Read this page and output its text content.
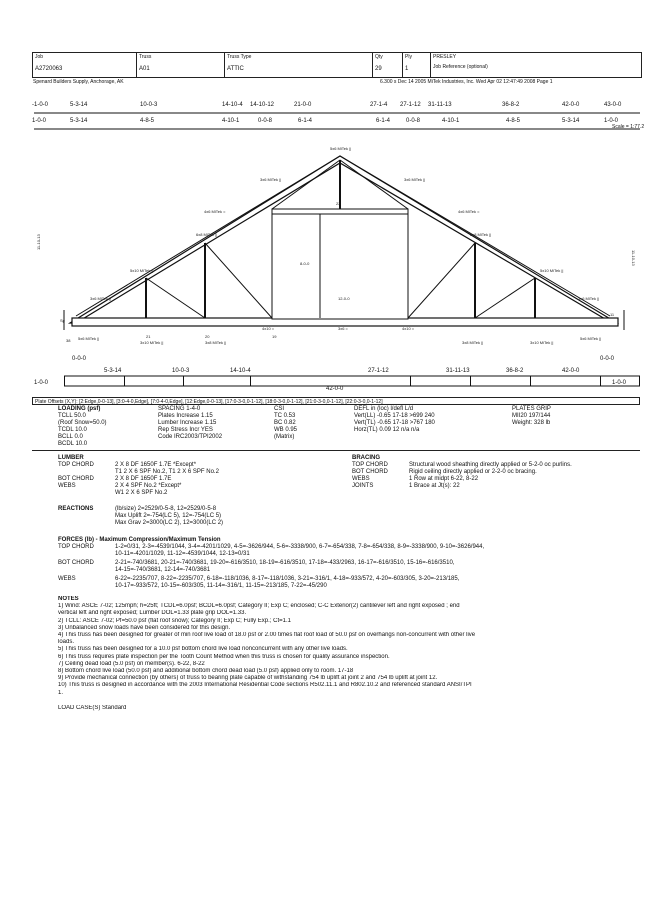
Job
A2720063
Truss
A01
Truss Type
ATTIC
Qty
29
Ply
1
PRESLEY
Job Reference (optional)
Spenard Builders Supply, Anchorage, AK	6.300 s Dec 14 2005 MiTek Industries, Inc. Wed Apr 02 12:47:49 2008 Page 1
-1-0-0	5-3-14	10-0-3	14-10-4 14-10-12	21-0-0	27-1-4 27-1-12 31-11-13	36-8-2	42-0-0	43-0-0
1-0-0	5-3-14	4-8-5	4-10-1	0-0-8	6-1-4	6-1-4	0-0-8	4-10-1	4-8-5	5-3-14	1-0-0
Scale = 1:77.2
5x6 MiTek ||
3x6 MiTek ||	3x6 MiTek ||
4x6 MiTek =	4x6 MiTek =
6x8 MiTek ||	6x8 MiTek ||
5x10 MiTek ||	5x10 MiTek ||
3x6 MiTek ||	3x6 MiTek ||
5x6 MiTek ||	5x6 MiTek ||
3x10 MiTek ||	3x8 MiTek ||	3x8 MiTek ||	3x10 MiTek ||
4x10 =	4x10 =
3x6 =
12-0-0
8-0-0
11-10-13
11-10-13
38
11
22
21	20	19
Sp
0-0-0	0-0-0
5-3-14	10-0-3	14-10-4	27-1-12	31-11-13	36-8-2	42-0-0
1-0-0	1-0-0
42-0-0
Plate Offsets (X,Y): [2:Edge,0-0-13], [3:0-4-0,Edge], [7:0-4-0,Edge], [12:Edge,0-0-13], [17:0-3-0,0-1-12], [18:0-3-0,0-1-12], [21:0-3-0,0-1-12], [22:0-3-0,0-1-12]
LOADING (psf)
TCLL 50.0
(Roof Snow=50.0)
TCDL 10.0
BCLL 0.0
BCDL 10.0
SPACING 1-4-0
Plates Increase 1.15
Lumber Increase 1.15
Rep Stress Incr YES
Code IRC2003/TPI2002
CSI
TC 0.53
BC 0.82
WB 0.95
(Matrix)
DEFL in (loc) l/defl L/d
Vert(LL) -0.65 17-18 >699 240
Vert(TL) -0.65 17-18 >767 180
Horz(TL) 0.09 12 n/a n/a
PLATES GRIP
MII20 197/144
Weight: 328 lb
LUMBER
TOP CHORD	2 X 8 DF 1650F 1.7E *Except*
T1 2 X 6 SPF No.2, T1 2 X 6 SPF No.2
BOT CHORD	2 X 8 DF 1650F 1.7E
WEBS	2 X 4 SPF No.2 *Except*
W1 2 X 6 SPF No.2
BRACING
TOP CHORD	Structural wood sheathing directly applied or 5-2-0 oc purlins.
BOT CHORD	Rigid ceiling directly applied or 2-2-0 oc bracing.
WEBS	1 Row at midpt 6-22, 8-22
JOINTS	1 Brace at Jt(s): 22
REACTIONS	(lb/size) 2=2529/0-5-8, 12=2529/0-5-8
Max Uplift 2=-754(LC 5), 12=-754(LC 5)
Max Grav 2=3000(LC 2), 12=3000(LC 2)
FORCES (lb) - Maximum Compression/Maximum Tension
TOP CHORD	1-2=0/31, 2-3=-4539/1044, 3-4=-4201/1029, 4-5=-3626/944, 5-6=-3338/900, 6-7=-654/338, 7-8=-654/338, 8-9=-3338/900, 9-10=-3626/944,
10-11=-4201/1029, 11-12=-4539/1044, 12-13=0/31
BOT CHORD	2-21=-740/3681, 20-21=-740/3681, 19-20=-616/3510, 18-19=-616/3510, 17-18=-433/2963, 16-17=-616/3510, 15-16=-616/3510,
14-15=-740/3681, 12-14=-740/3681
WEBS	6-22=-2235/707, 8-22=-2235/707, 6-18=-118/1036, 8-17=-118/1036, 3-21=-316/1, 4-18=-933/572, 4-20=-603/305, 3-20=-213/185,
10-17=-933/572, 10-15=-603/305, 11-14=-316/1, 11-15=-213/185, 7-22=-45/290
NOTES
1) Wind: ASCE 7-02; 125mph; h=25ft; TCDL=6.0psf; BCDL=6.0psf; Category II; Exp C; enclosed; C-C Exterior(2) cantilever left and right exposed ; end
vertical left and right exposed; Lumber DOL=1.33 plate grip DOL=1.33.
2) TCLL: ASCE 7-02; Pf=50.0 psf (flat roof snow); Category II; Exp C; Fully Exp.; Ct=1.1
3) Unbalanced snow loads have been considered for this design.
4) This truss has been designed for greater of min roof live load of 18.0 psf or 2.00 times flat roof load of 50.0 psf on overhangs non-concurrent with other live
loads.
5) This truss has been designed for a 10.0 psf bottom chord live load nonconcurrent with any other live loads.
6) This truss requires plate inspection per the Tooth Count Method when this truss is chosen for quality assurance inspection.
7) Ceiling dead load (5.0 psf) on member(s). 6-22, 8-22
8) Bottom chord live load (50.0 psf) and additional bottom chord dead load (5.0 psf) applied only to room. 17-18
9) Provide mechanical connection (by others) of truss to bearing plate capable of withstanding 754 lb uplift at joint 2 and 754 lb uplift at joint 12.
10) This truss is designed in accordance with the 2003 International Residential Code sections R502.11.1 and R802.10.2 and referenced standard ANSI/TPI
1.
LOAD CASE(S) Standard
